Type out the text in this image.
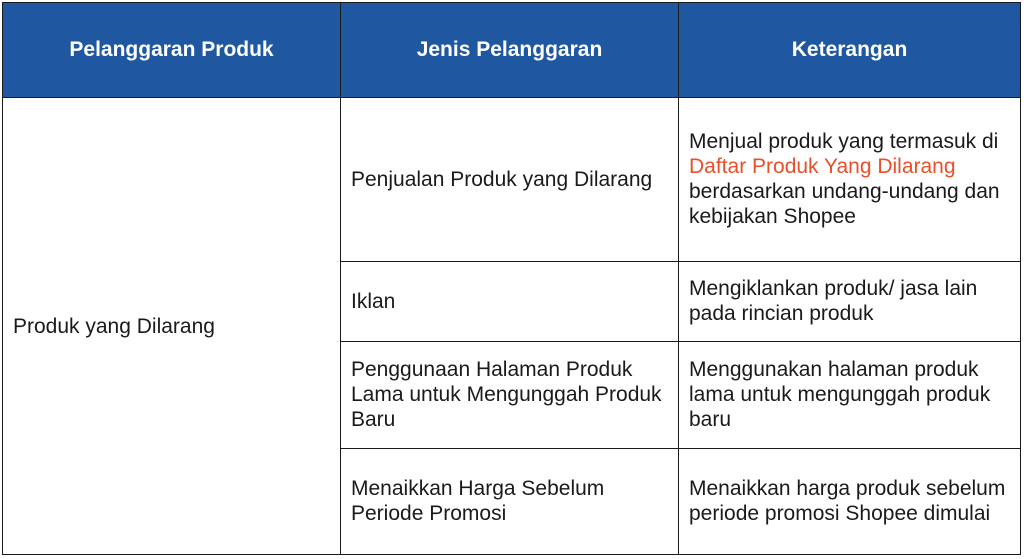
Pelanggaran Produk	Jenis Pelanggaran	Keterangan
Produk yang Dilarang	Penjualan Produk yang Dilarang	Menjual produk yang termasuk di Daftar Produk Yang Dilarang berdasarkan undang-undang dan kebijakan Shopee
	Iklan	Mengiklankan produk/ jasa lain pada rincian produk
	Penggunaan Halaman Produk Lama untuk Mengunggah Produk Baru	Menggunakan halaman produk lama untuk mengunggah produk baru
	Menaikkan Harga Sebelum Periode Promosi	Menaikkan harga produk sebelum periode promosi Shopee dimulai
